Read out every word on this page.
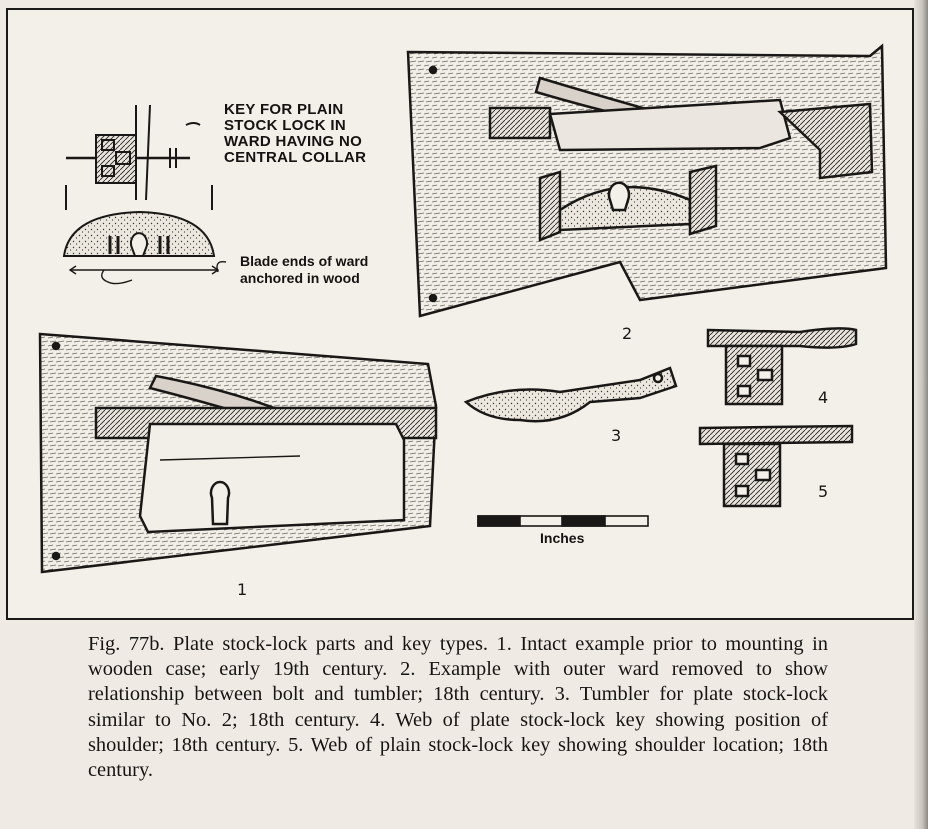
KEY FOR PLAIN
STOCK LOCK IN
WARD HAVING NO
CENTRAL COLLAR
Blade ends of ward
anchored in wood
Inches
1
2
3
4
5

Fig. 77b. Plate stock-lock parts and key types. 1. Intact example prior to mounting in wooden case; early 19th century. 2. Example with outer ward removed to show relationship between bolt and tumbler; 18th century. 3. Tumbler for plate stock-lock similar to No. 2; 18th century. 4. Web of plate stock-lock key showing position of shoulder; 18th century. 5. Web of plain stock-lock key showing shoulder location; 18th century.
